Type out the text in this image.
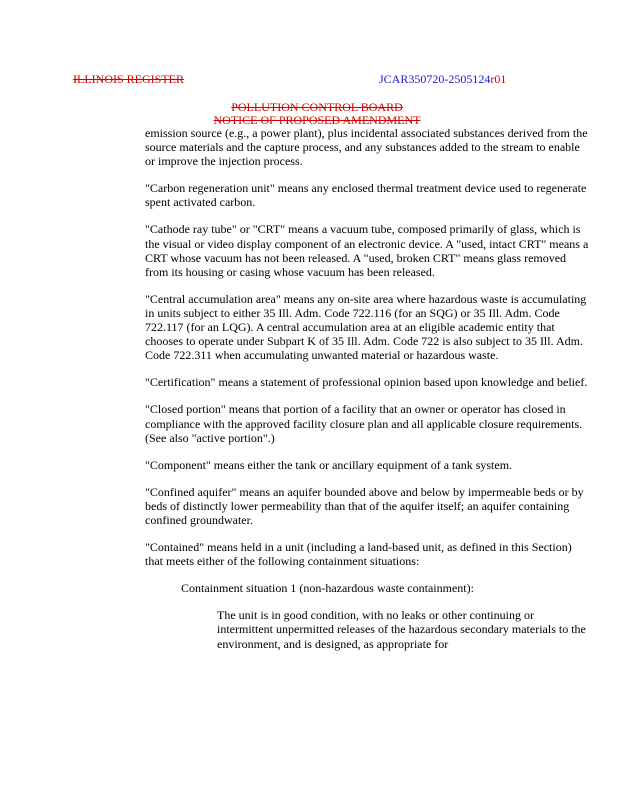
ILLINOIS REGISTER	JCAR350720-2505124r01
POLLUTION CONTROL BOARD
NOTICE OF PROPOSED AMENDMENT

emission source (e.g., a power plant), plus incidental associated substances derived from the source materials and the capture process, and any substances added to the stream to enable or improve the injection process.

"Carbon regeneration unit" means any enclosed thermal treatment device used to regenerate spent activated carbon.

"Cathode ray tube" or "CRT" means a vacuum tube, composed primarily of glass, which is the visual or video display component of an electronic device. A "used, intact CRT" means a CRT whose vacuum has not been released. A "used, broken CRT" means glass removed from its housing or casing whose vacuum has been released.

"Central accumulation area" means any on-site area where hazardous waste is accumulating in units subject to either 35 Ill. Adm. Code 722.116 (for an SQG) or 35 Ill. Adm. Code 722.117 (for an LQG). A central accumulation area at an eligible academic entity that chooses to operate under Subpart K of 35 Ill. Adm. Code 722 is also subject to 35 Ill. Adm. Code 722.311 when accumulating unwanted material or hazardous waste.

"Certification" means a statement of professional opinion based upon knowledge and belief.

"Closed portion" means that portion of a facility that an owner or operator has closed in compliance with the approved facility closure plan and all applicable closure requirements. (See also "active portion".)

"Component" means either the tank or ancillary equipment of a tank system.

"Confined aquifer" means an aquifer bounded above and below by impermeable beds or by beds of distinctly lower permeability than that of the aquifer itself; an aquifer containing confined groundwater.

"Contained" means held in a unit (including a land-based unit, as defined in this Section) that meets either of the following containment situations:

Containment situation 1 (non-hazardous waste containment):

The unit is in good condition, with no leaks or other continuing or intermittent unpermitted releases of the hazardous secondary materials to the environment, and is designed, as appropriate for
